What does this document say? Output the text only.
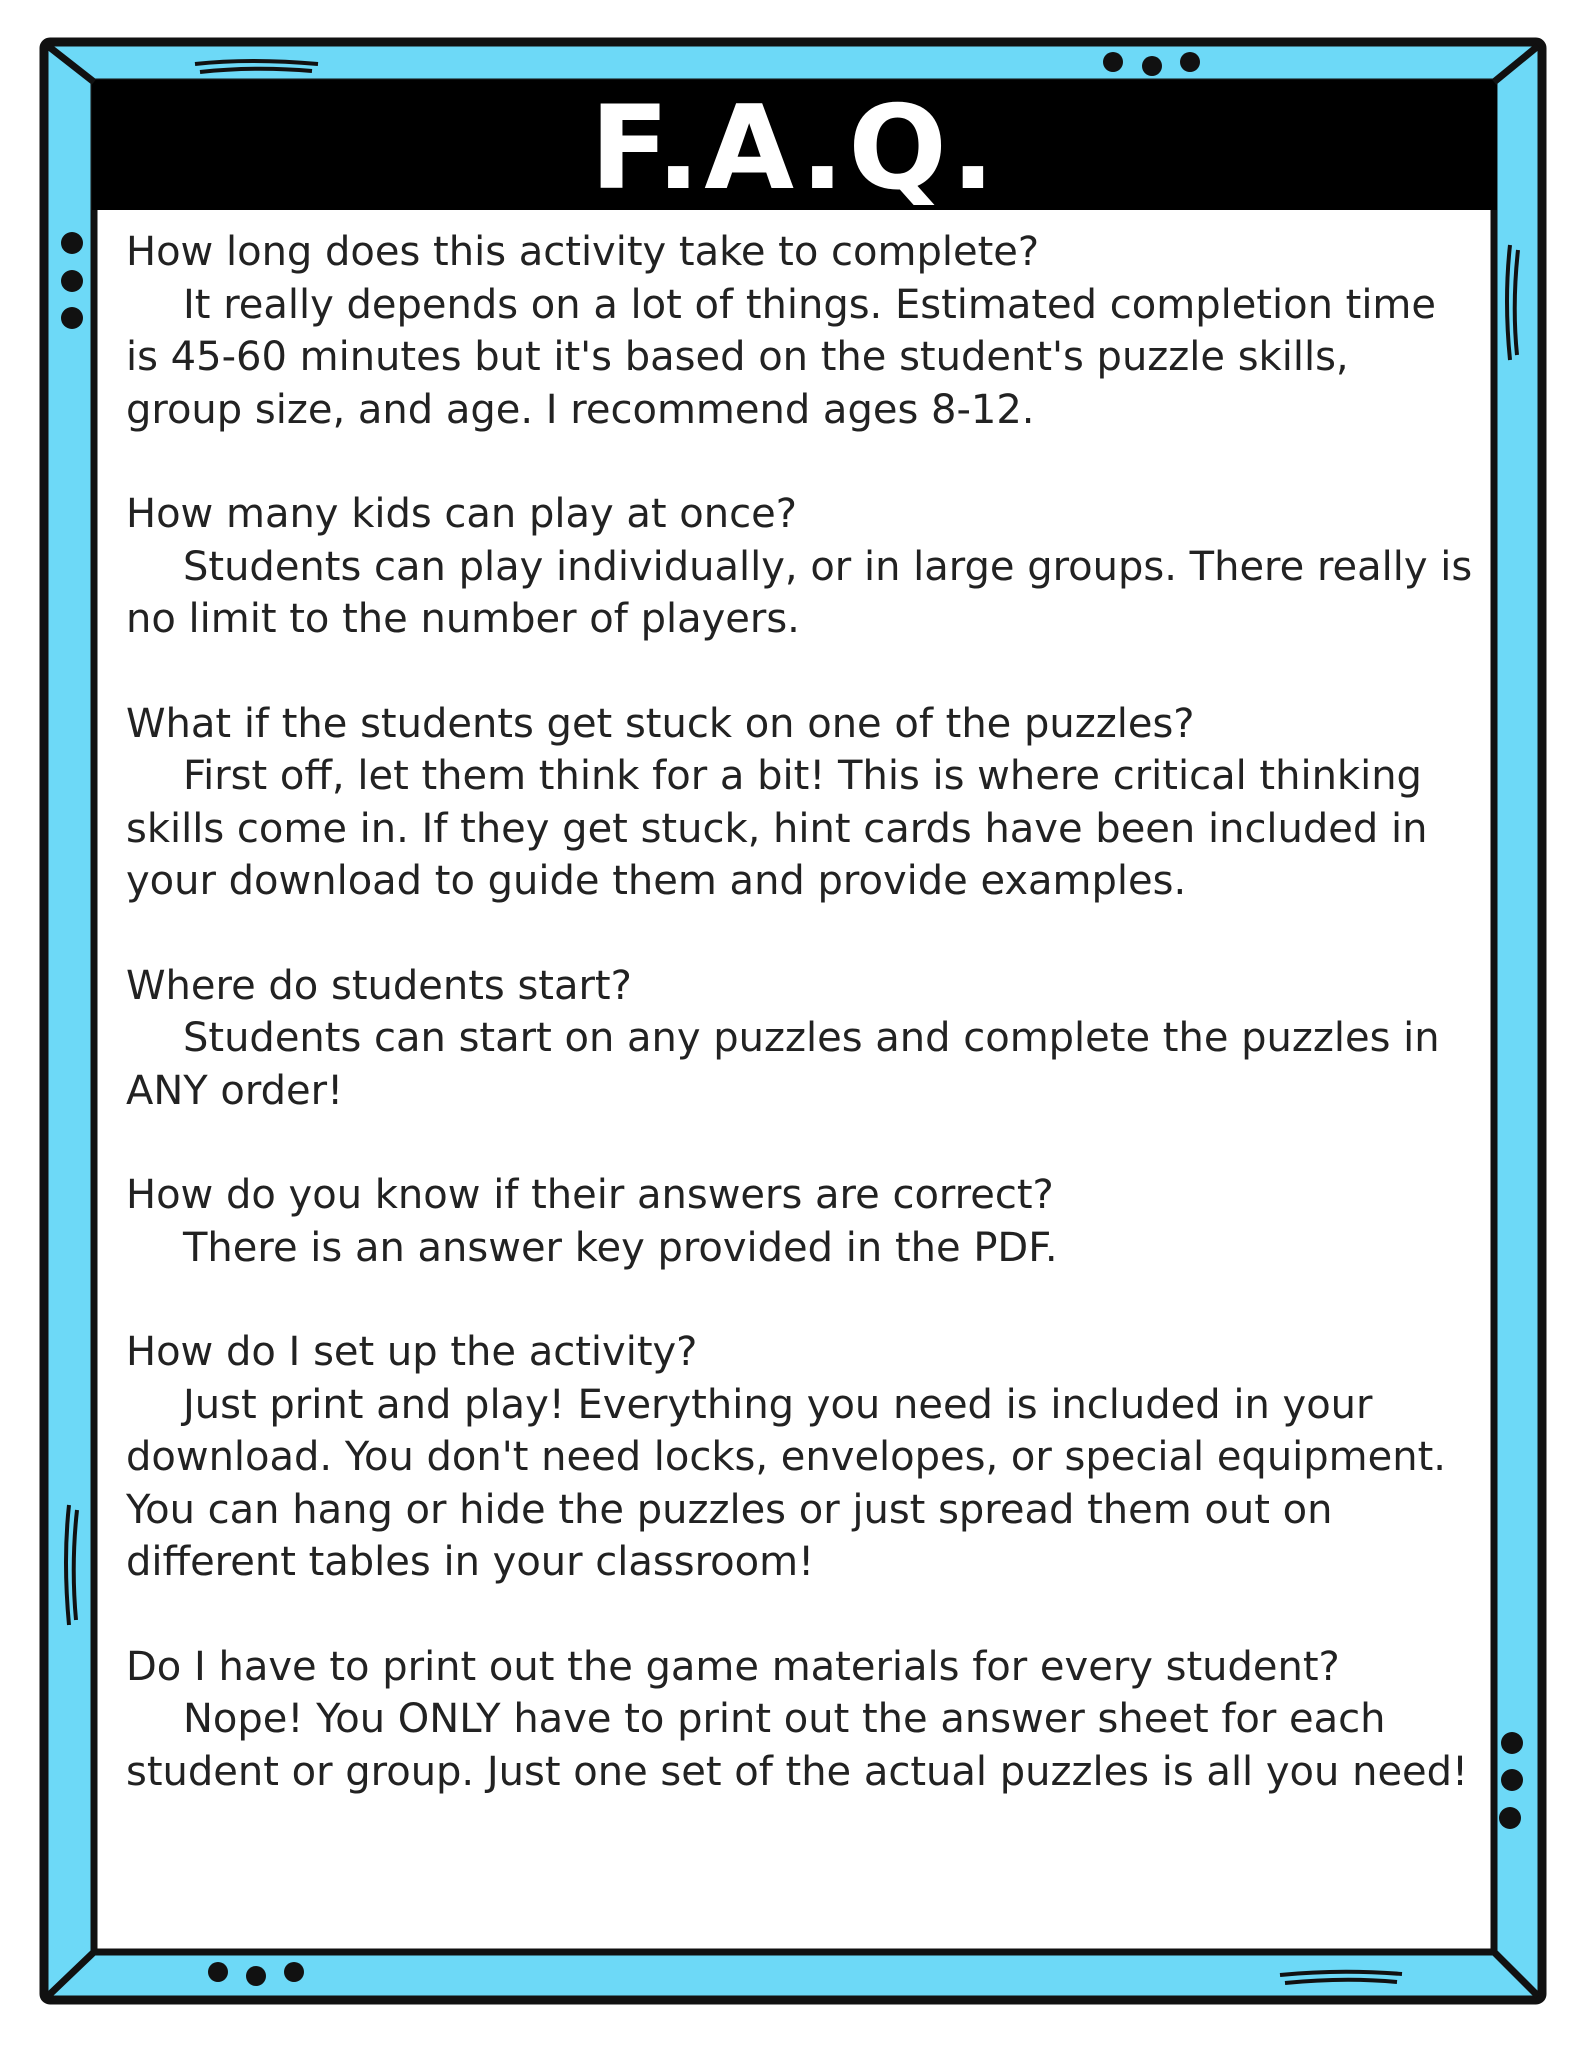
F.A.Q.
How long does this activity take to complete?
It really depends on a lot of things. Estimated completion time is 45-60 minutes but it's based on the student's puzzle skills, group size, and age. I recommend ages 8-12.
How many kids can play at once?
Students can play individually, or in large groups. There really is no limit to the number of players.
What if the students get stuck on one of the puzzles?
First off, let them think for a bit! This is where critical thinking skills come in. If they get stuck, hint cards have been included in your download to guide them and provide examples.
Where do students start?
Students can start on any puzzles and complete the puzzles in ANY order!
How do you know if their answers are correct?
There is an answer key provided in the PDF.
How do I set up the activity?
Just print and play! Everything you need is included in your download. You don't need locks, envelopes, or special equipment. You can hang or hide the puzzles or just spread them out on different tables in your classroom!
Do I have to print out the game materials for every student?
Nope! You ONLY have to print out the answer sheet for each student or group. Just one set of the actual puzzles is all you need!
